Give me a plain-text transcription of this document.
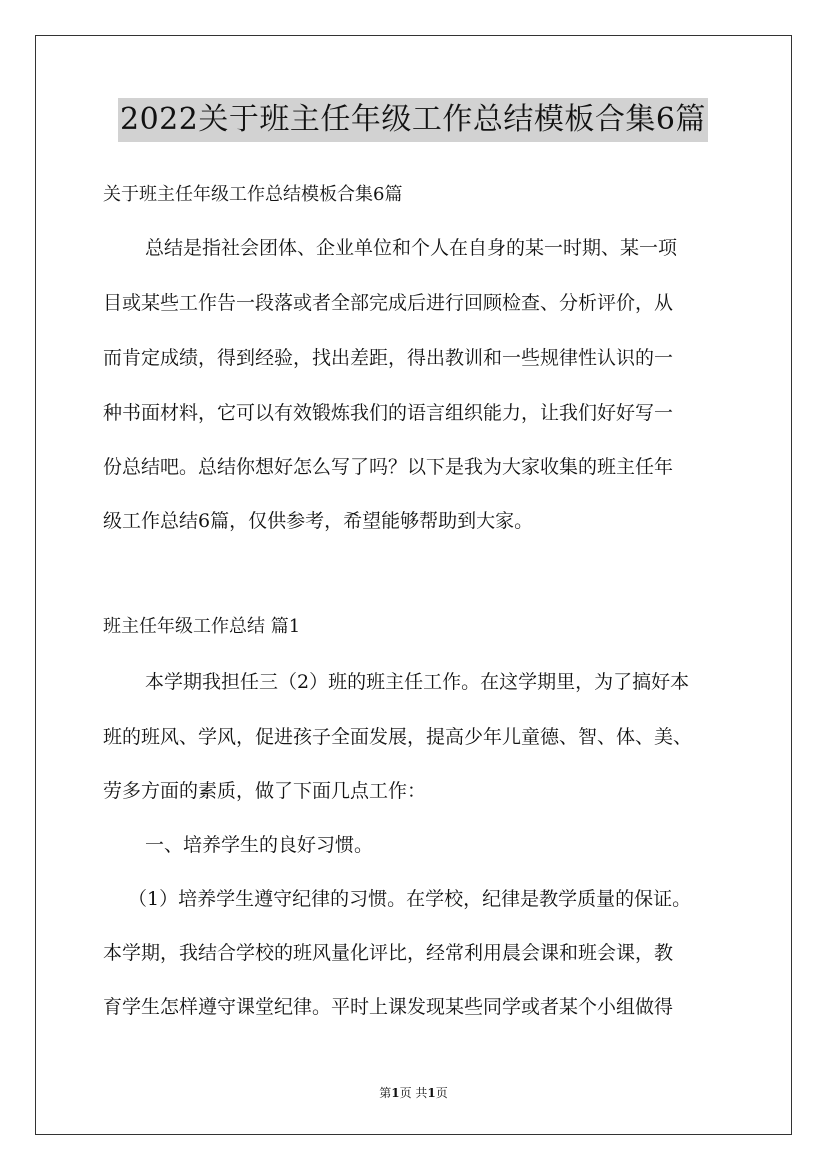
2022关于班主任年级工作总结模板合集6篇
关于班主任年级工作总结模板合集6篇
总结是指社会团体、企业单位和个人在自身的某一时期、某一项
目或某些工作告一段落或者全部完成后进行回顾检查、分析评价，从
而肯定成绩，得到经验，找出差距，得出教训和一些规律性认识的一
种书面材料，它可以有效锻炼我们的语言组织能力，让我们好好写一
份总结吧。总结你想好怎么写了吗？以下是我为大家收集的班主任年
级工作总结6篇，仅供参考，希望能够帮助到大家。
班主任年级工作总结 篇1
本学期我担任三（2）班的班主任工作。在这学期里，为了搞好本
班的班风、学风，促进孩子全面发展，提高少年儿童德、智、体、美、
劳多方面的素质，做了下面几点工作：
一、培养学生的良好习惯。
（1）培养学生遵守纪律的习惯。在学校，纪律是教学质量的保证。
本学期，我结合学校的班风量化评比，经常利用晨会课和班会课，教
育学生怎样遵守课堂纪律。平时上课发现某些同学或者某个小组做得
第1页 共1页
